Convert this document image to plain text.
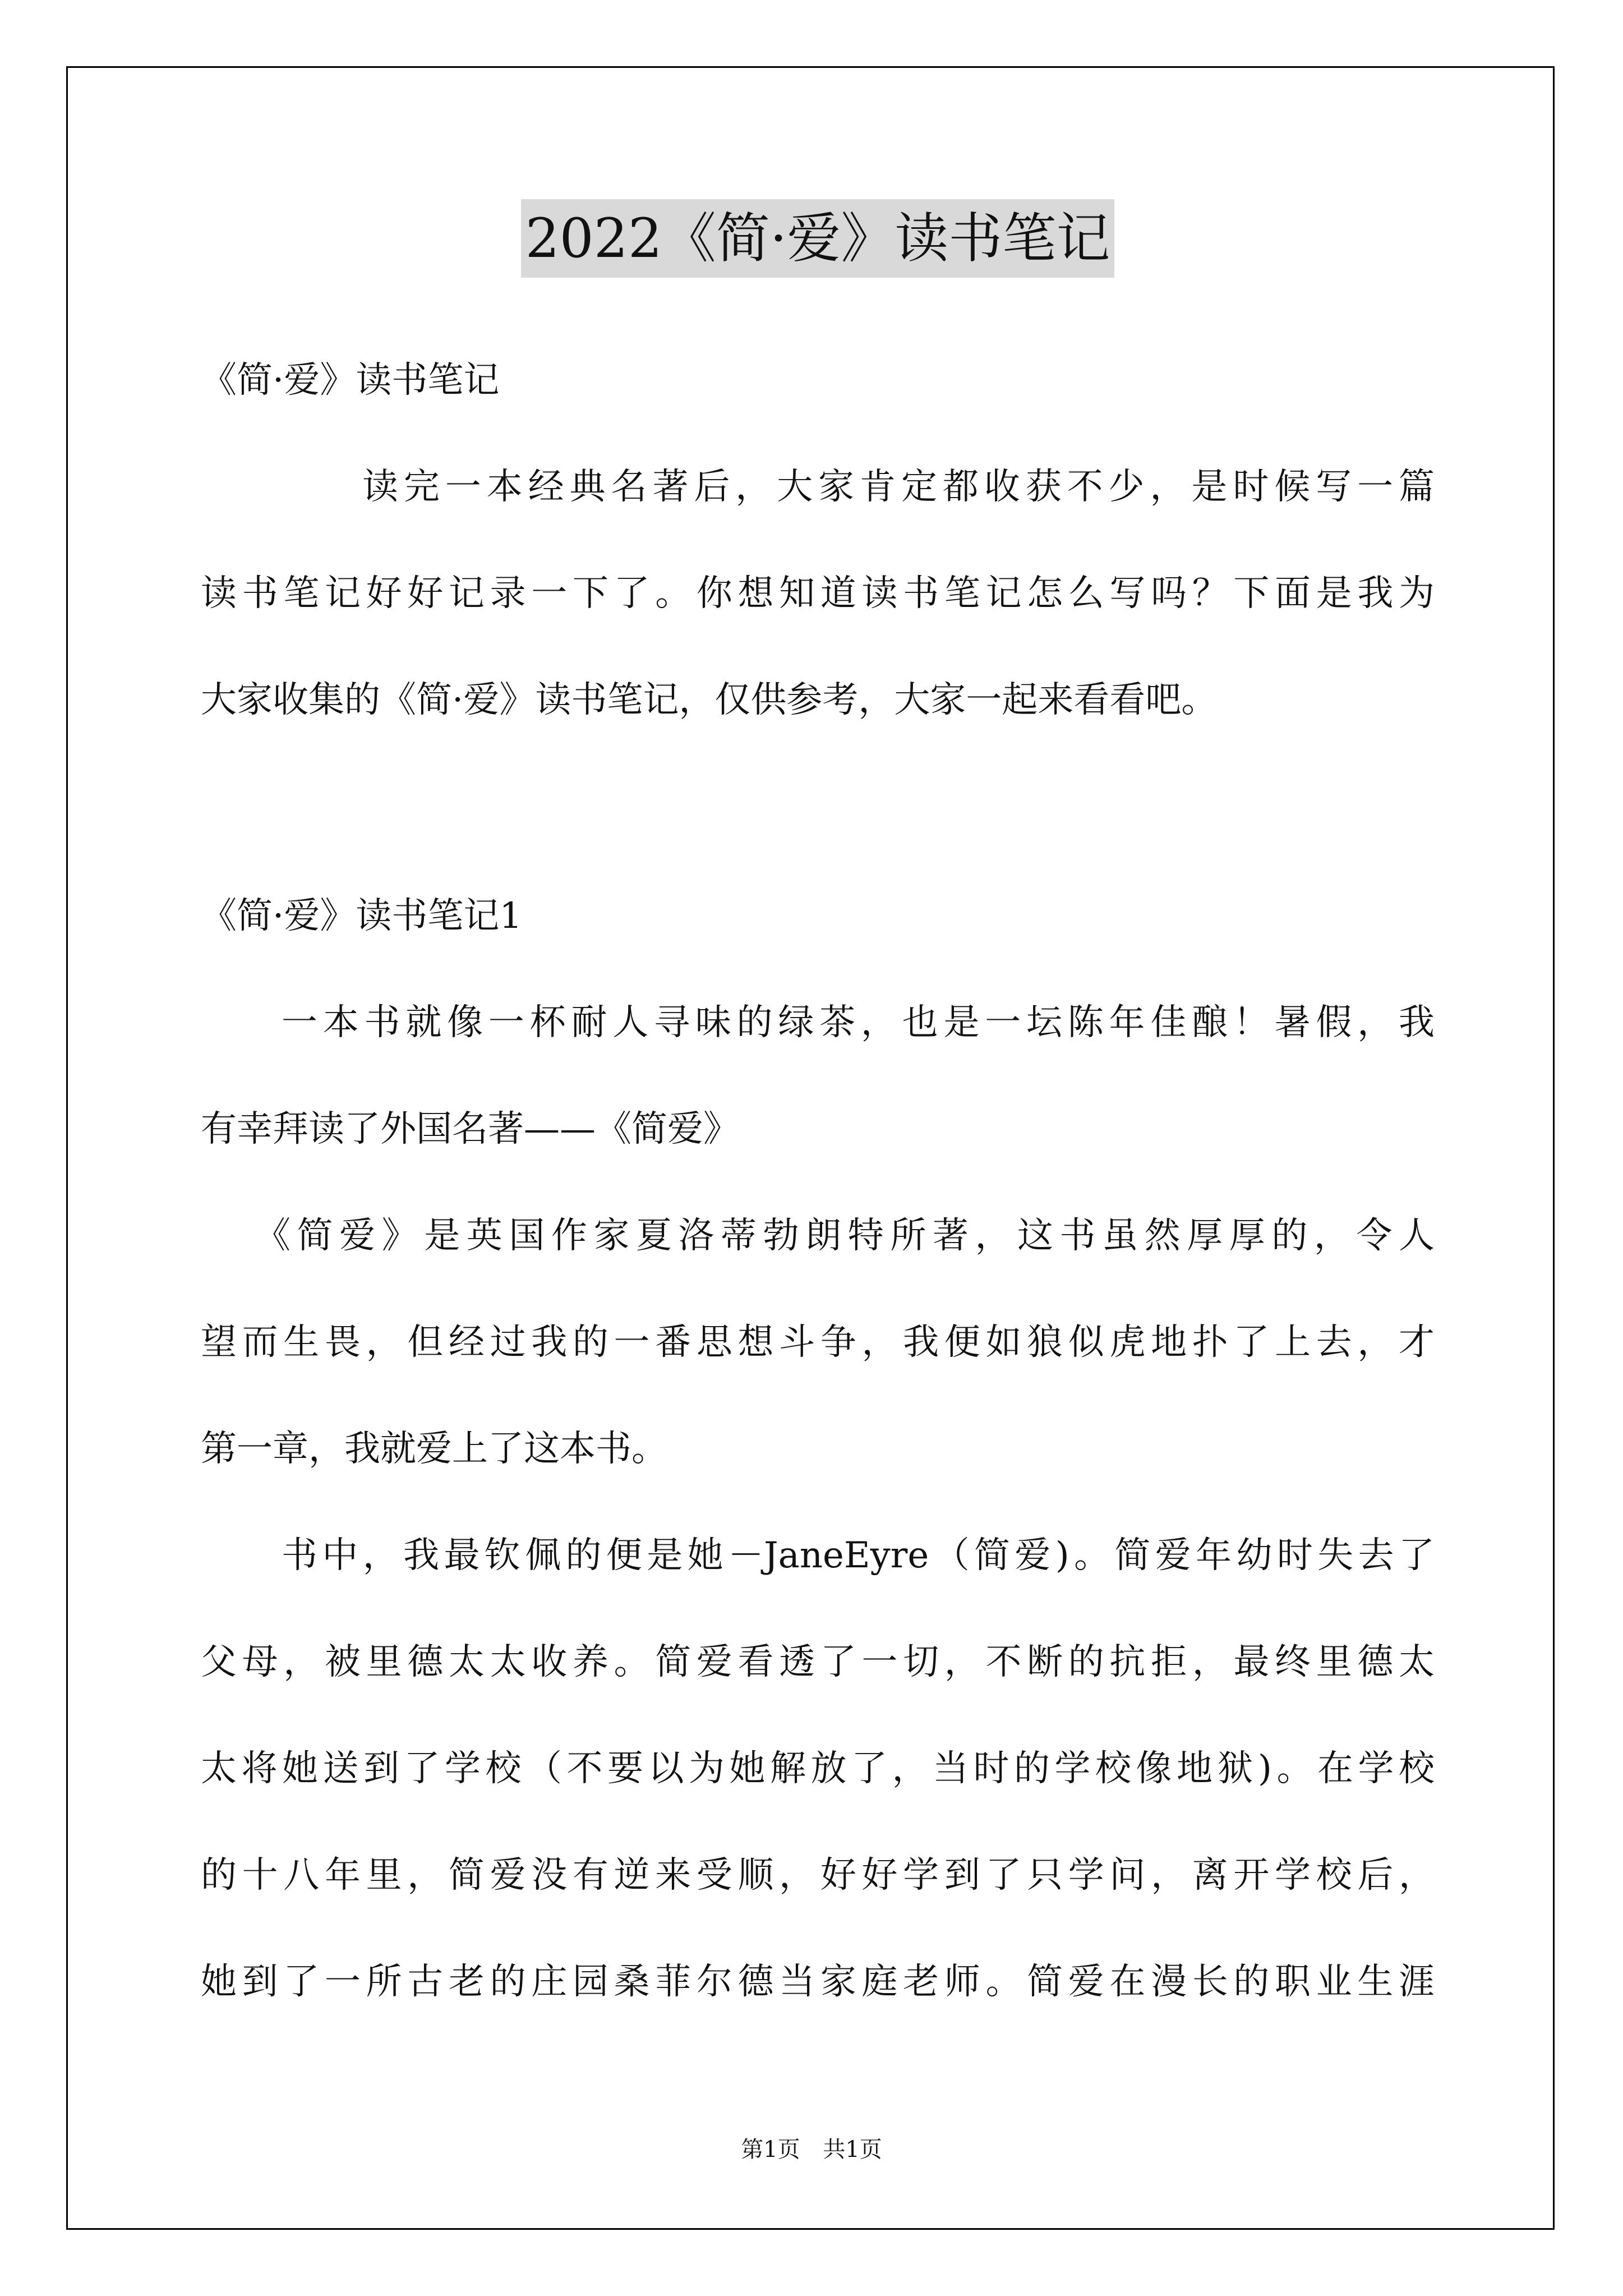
2022《简·爱》读书笔记
《简·爱》读书笔记
读完一本经典名著后，大家肯定都收获不少，是时候写一篇
读书笔记好好记录一下了。你想知道读书笔记怎么写吗？下面是我为
大家收集的《简·爱》读书笔记，仅供参考，大家一起来看看吧。
《简·爱》读书笔记1
一本书就像一杯耐人寻味的绿茶，也是一坛陈年佳酿！暑假，我
有幸拜读了外国名著——《简爱》
《简爱》是英国作家夏洛蒂勃朗特所著，这书虽然厚厚的，令人
望而生畏，但经过我的一番思想斗争，我便如狼似虎地扑了上去，才
第一章，我就爱上了这本书。
书中，我最钦佩的便是她－JaneEyre（简爱)。简爱年幼时失去了
父母，被里德太太收养。简爱看透了一切，不断的抗拒，最终里德太
太将她送到了学校（不要以为她解放了，当时的学校像地狱)。在学校
的十八年里，简爱没有逆来受顺，好好学到了只学问，离开学校后，
她到了一所古老的庄园桑菲尔德当家庭老师。简爱在漫长的职业生涯
第1页 共1页
